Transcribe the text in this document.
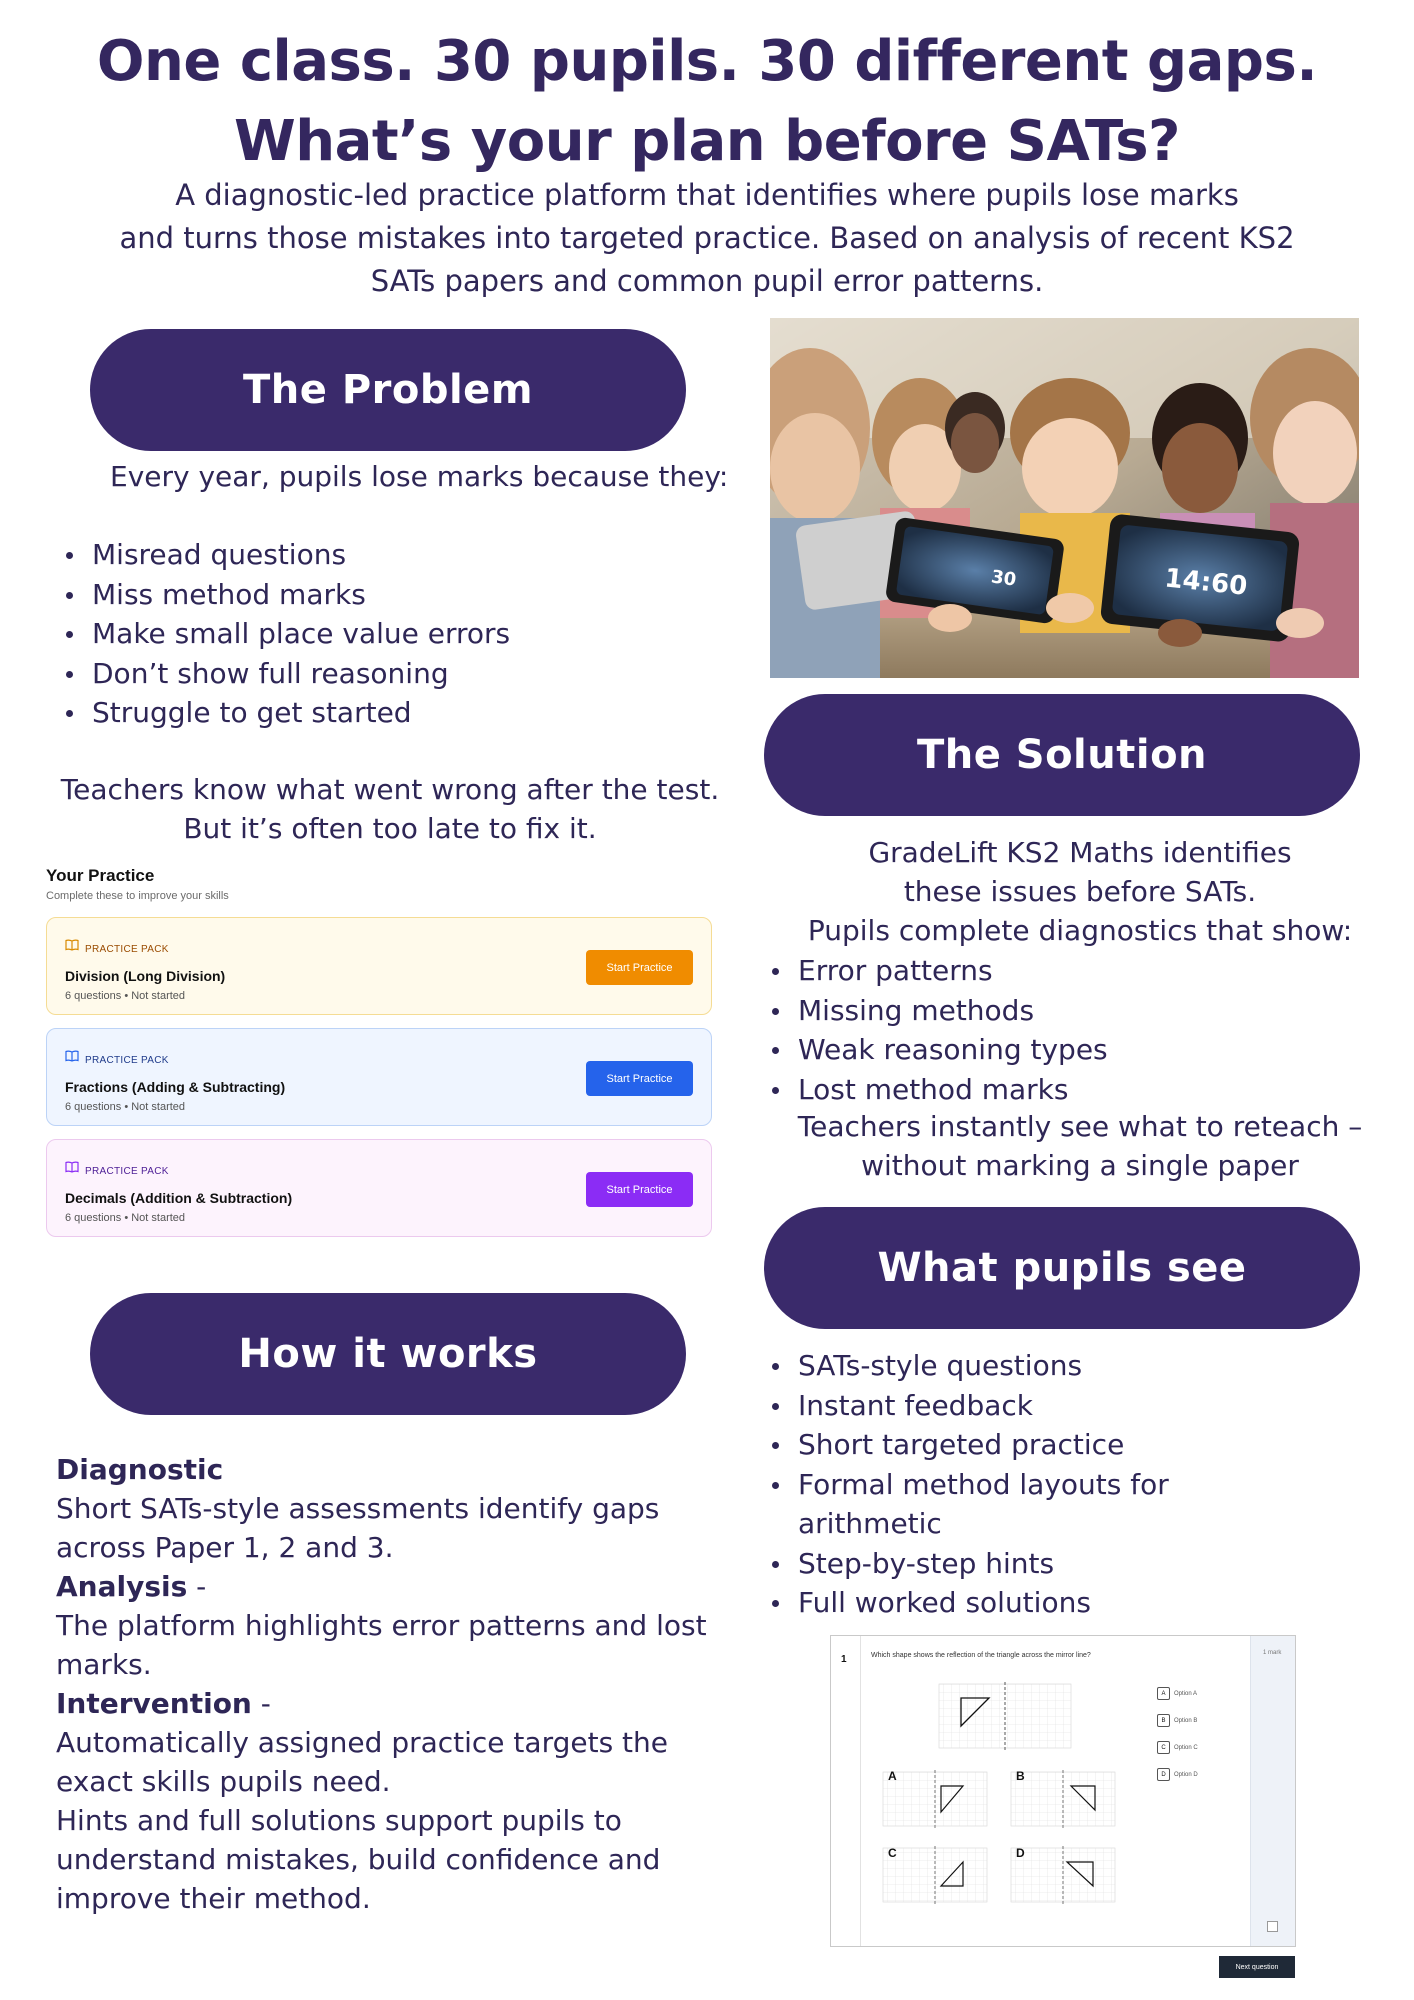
One class. 30 pupils. 30 different gaps.
What’s your plan before SATs?
A diagnostic-led practice platform that identifies where pupils lose marks
and turns those mistakes into targeted practice. Based on analysis of recent KS2
SATs papers and common pupil error patterns.
The Problem
Every year, pupils lose marks because they:
Misread questions
Miss method marks
Make small place value errors
Don’t show full reasoning
Struggle to get started
Teachers know what went wrong after the test.
But it’s often too late to fix it.
Your Practice
Complete these to improve your skills
PRACTICE PACK
Division (Long Division)
6 questions • Not started
Start Practice
PRACTICE PACK
Fractions (Adding & Subtracting)
6 questions • Not started
Start Practice
PRACTICE PACK
Decimals (Addition & Subtraction)
6 questions • Not started
Start Practice
30	14:60
The Solution
GradeLift KS2 Maths identifies
these issues before SATs.
Pupils complete diagnostics that show:
Error patterns
Missing methods
Weak reasoning types
Lost method marks
Teachers instantly see what to reteach –
without marking a single paper
How it works
Diagnostic
Short SATs-style assessments identify gaps
across Paper 1, 2 and 3.
Analysis -
The platform highlights error patterns and lost
marks.
Intervention -
Automatically assigned practice targets the
exact skills pupils need.
Hints and full solutions support pupils to
understand mistakes, build confidence and
improve their method.
What pupils see
SATs-style questions
Instant feedback
Short targeted practice
Formal method layouts for
arithmetic
Step-by-step hints
Full worked solutions
1	Which shape shows the reflection of the triangle across the mirror line?	1 mark
A	B
C	D
A	Option A
B	Option B
C	Option C
D	Option D
Next question
